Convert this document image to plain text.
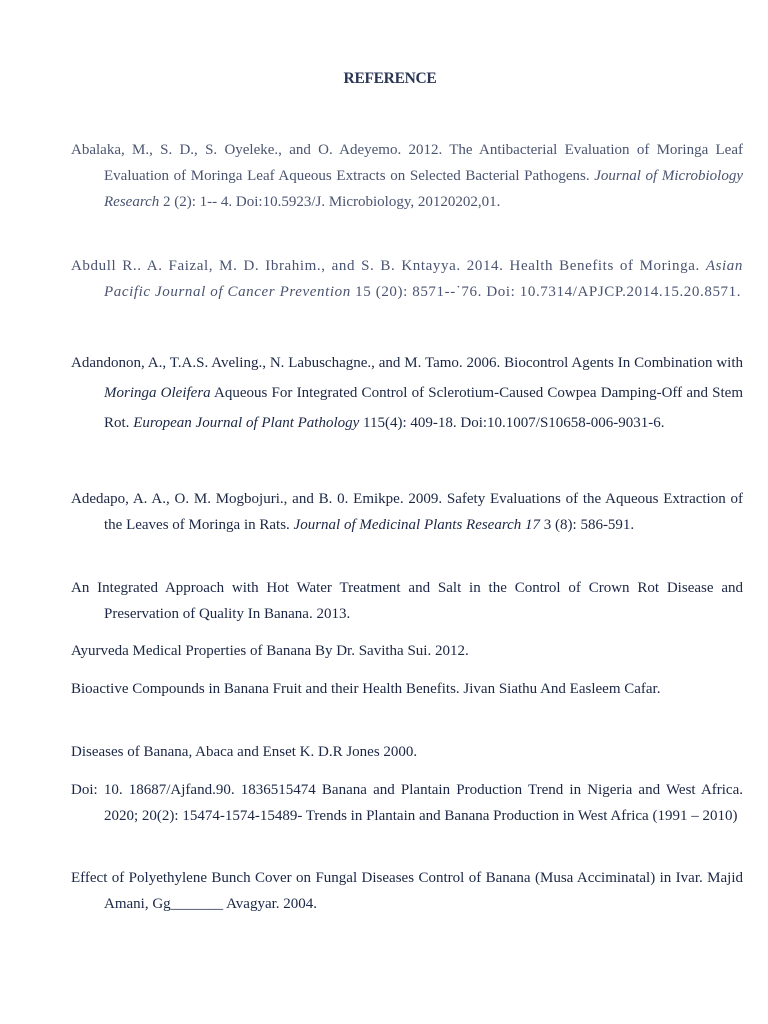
REFERENCE

Abalaka, M., S. D., S. Oyeleke., and O. Adeyemo. 2012. The Antibacterial Evaluation of Moringa Leaf Evaluation of Moringa Leaf Aqueous Extracts on Selected Bacterial Pathogens. Journal of Microbiology Research 2 (2): 1-- 4. Doi:10.5923/J. Microbiology, 20120202,01.

Abdull R.. A. Faizal, M. D. Ibrahim., and S. B. Kntayya. 2014. Health Benefits of Moringa. Asian Pacific Journal of Cancer Prevention 15 (20): 8571--˙76. Doi: 10.7314/APJCP.2014.15.20.8571.

Adandonon, A., T.A.S. Aveling., N. Labuschagne., and M. Tamo. 2006. Biocontrol Agents In Combination with Moringa Oleifera Aqueous For Integrated Control of Sclerotium-Caused Cowpea Damping-Off and Stem Rot. European Journal of Plant Pathology 115(4): 409-18. Doi:10.1007/S10658-006-9031-6.

Adedapo, A. A., O. M. Mogbojuri., and B. 0. Emikpe. 2009. Safety Evaluations of the Aqueous Extraction of the Leaves of Moringa in Rats. Journal of Medicinal Plants Research 17 3 (8): 586-591.

An Integrated Approach with Hot Water Treatment and Salt in the Control of Crown Rot Disease and Preservation of Quality In Banana. 2013.

Ayurveda Medical Properties of Banana By Dr. Savitha Sui. 2012.

Bioactive Compounds in Banana Fruit and their Health Benefits. Jivan Siathu And Easleem Cafar.

Diseases of Banana, Abaca and Enset K. D.R Jones 2000.

Doi: 10. 18687/Ajfand.90. 1836515474 Banana and Plantain Production Trend in Nigeria and West Africa. 2020; 20(2): 15474-1574-15489- Trends in Plantain and Banana Production in West Africa (1991 – 2010)

Effect of Polyethylene Bunch Cover on Fungal Diseases Control of Banana (Musa Acciminatal) in Ivar. Majid Amani, Gg_______ Avagyar. 2004.
